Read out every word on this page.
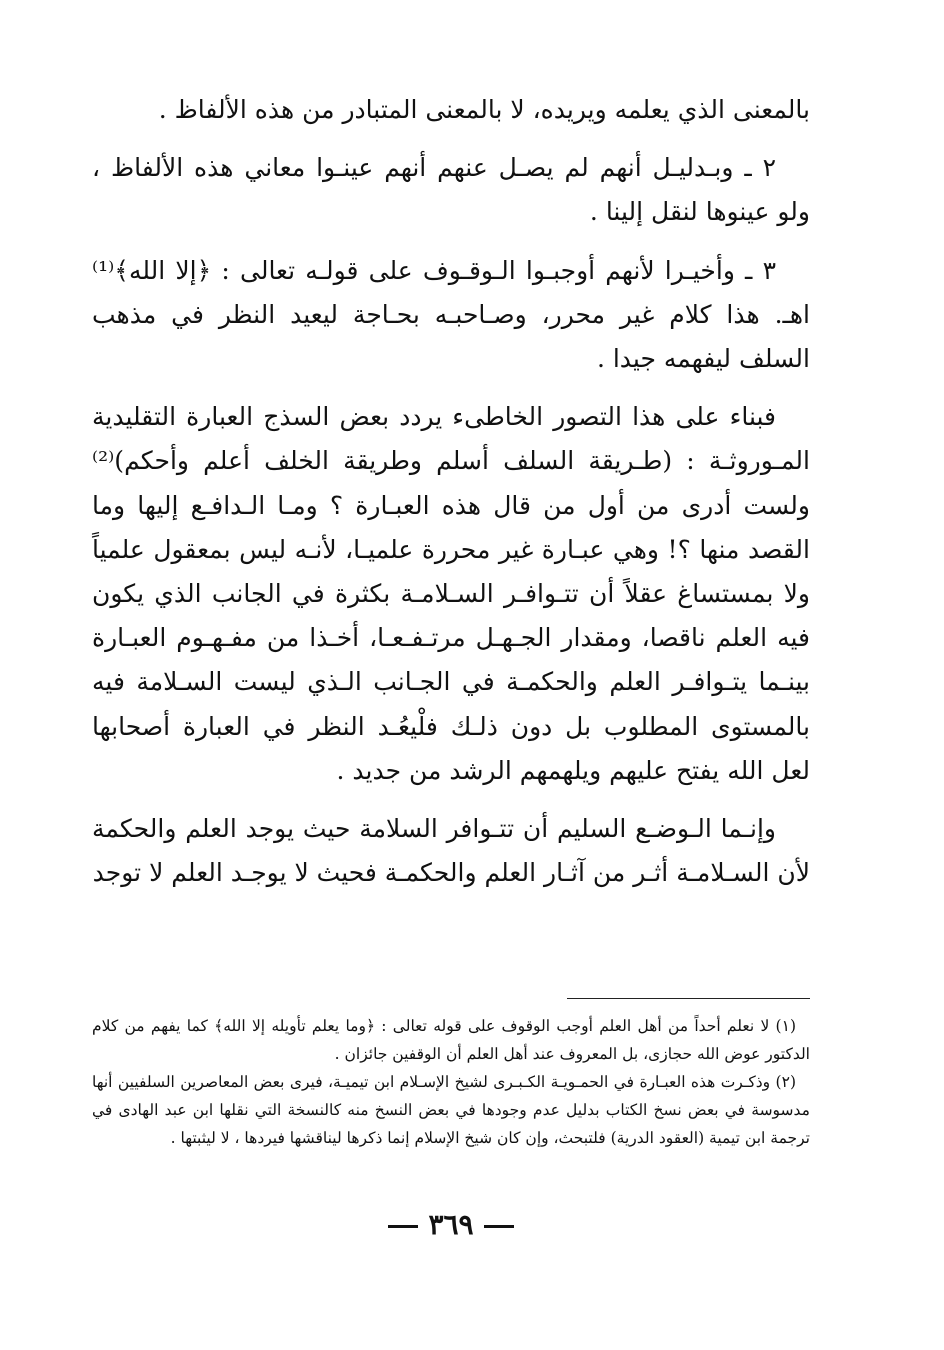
بالمعنى الذي يعلمه ويريده، لا بالمعنى المتبادر من هذه الألفاظ .

٢ ـ وبـدليـل أنهم لم يصـل عنهم أنهم عينـوا معاني هذه الألفاظ ، ولو عينوها لنقل إلينا .

٣ ـ وأخيـرا لأنهم أوجبـوا الـوقـوف على قولـه تعالى : ﴿إلا الله﴾⁽¹⁾ اهـ. هذا كلام غير محرر، وصـاحبـه بحـاجة ليعيد النظر في مذهب السلف ليفهمه جيدا .

فبناء على هذا التصور الخاطىء يردد بعض السذج العبارة التقليدية المـوروثـة : (طـريقة السلف أسلم وطريقة الخلف أعلم وأحكم)⁽²⁾ ولست أدرى من أول من قال هذه العبـارة ؟ ومـا الـدافـع إليها وما القصد منها ؟! وهي عبـارة غير محررة علميـا، لأنـه ليس بمعقول علمياً ولا بمستساغ عقلاً أن تتـوافـر السـلامـة بكثرة في الجانب الذي يكون فيه العلم ناقصا، ومقدار الجـهـل مرتـفـعـا، أخـذا من مفـهـوم العبـارة بينـما يتـوافـر العلم والحكمـة في الجـانب الـذي ليست السـلامة فيه بالمستوى المطلوب بل دون ذلـك فلْيعُـد النظر في العبارة أصحابها لعل الله يفتح عليهم ويلهمهم الرشد من جديد .

وإنـما الـوضـع السليم أن تتـوافر السلامة حيث يوجد العلم والحكمة لأن السـلامـة أثـر من آثـار العلم والحكمـة فحيث لا يوجـد العلم لا توجد

(١) لا نعلم أحداً من أهل العلم أوجب الوقوف على قوله تعالى : ﴿وما يعلم تأويله إلا الله﴾ كما يفهم من كلام الدكتور عوض الله حجازى، بل المعروف عند أهل العلم أن الوقفين جائزان .

(٢) وذكـرت هذه العبـارة في الحمـويـة الكـبـرى لشيخ الإسـلام ابن تيميـة، فيرى بعض المعاصرين السلفيين أنها مدسوسة في بعض نسخ الكتاب بدليل عدم وجودها في بعض النسخ منه كالنسخة التي نقلها ابن عبد الهادى في ترجمة ابن تيمية (العقود الدرية) فلتبحث، وإن كان شيخ الإسلام إنما ذكرها ليناقشها فيردها ، لا ليثبتها .

٣٦٩
